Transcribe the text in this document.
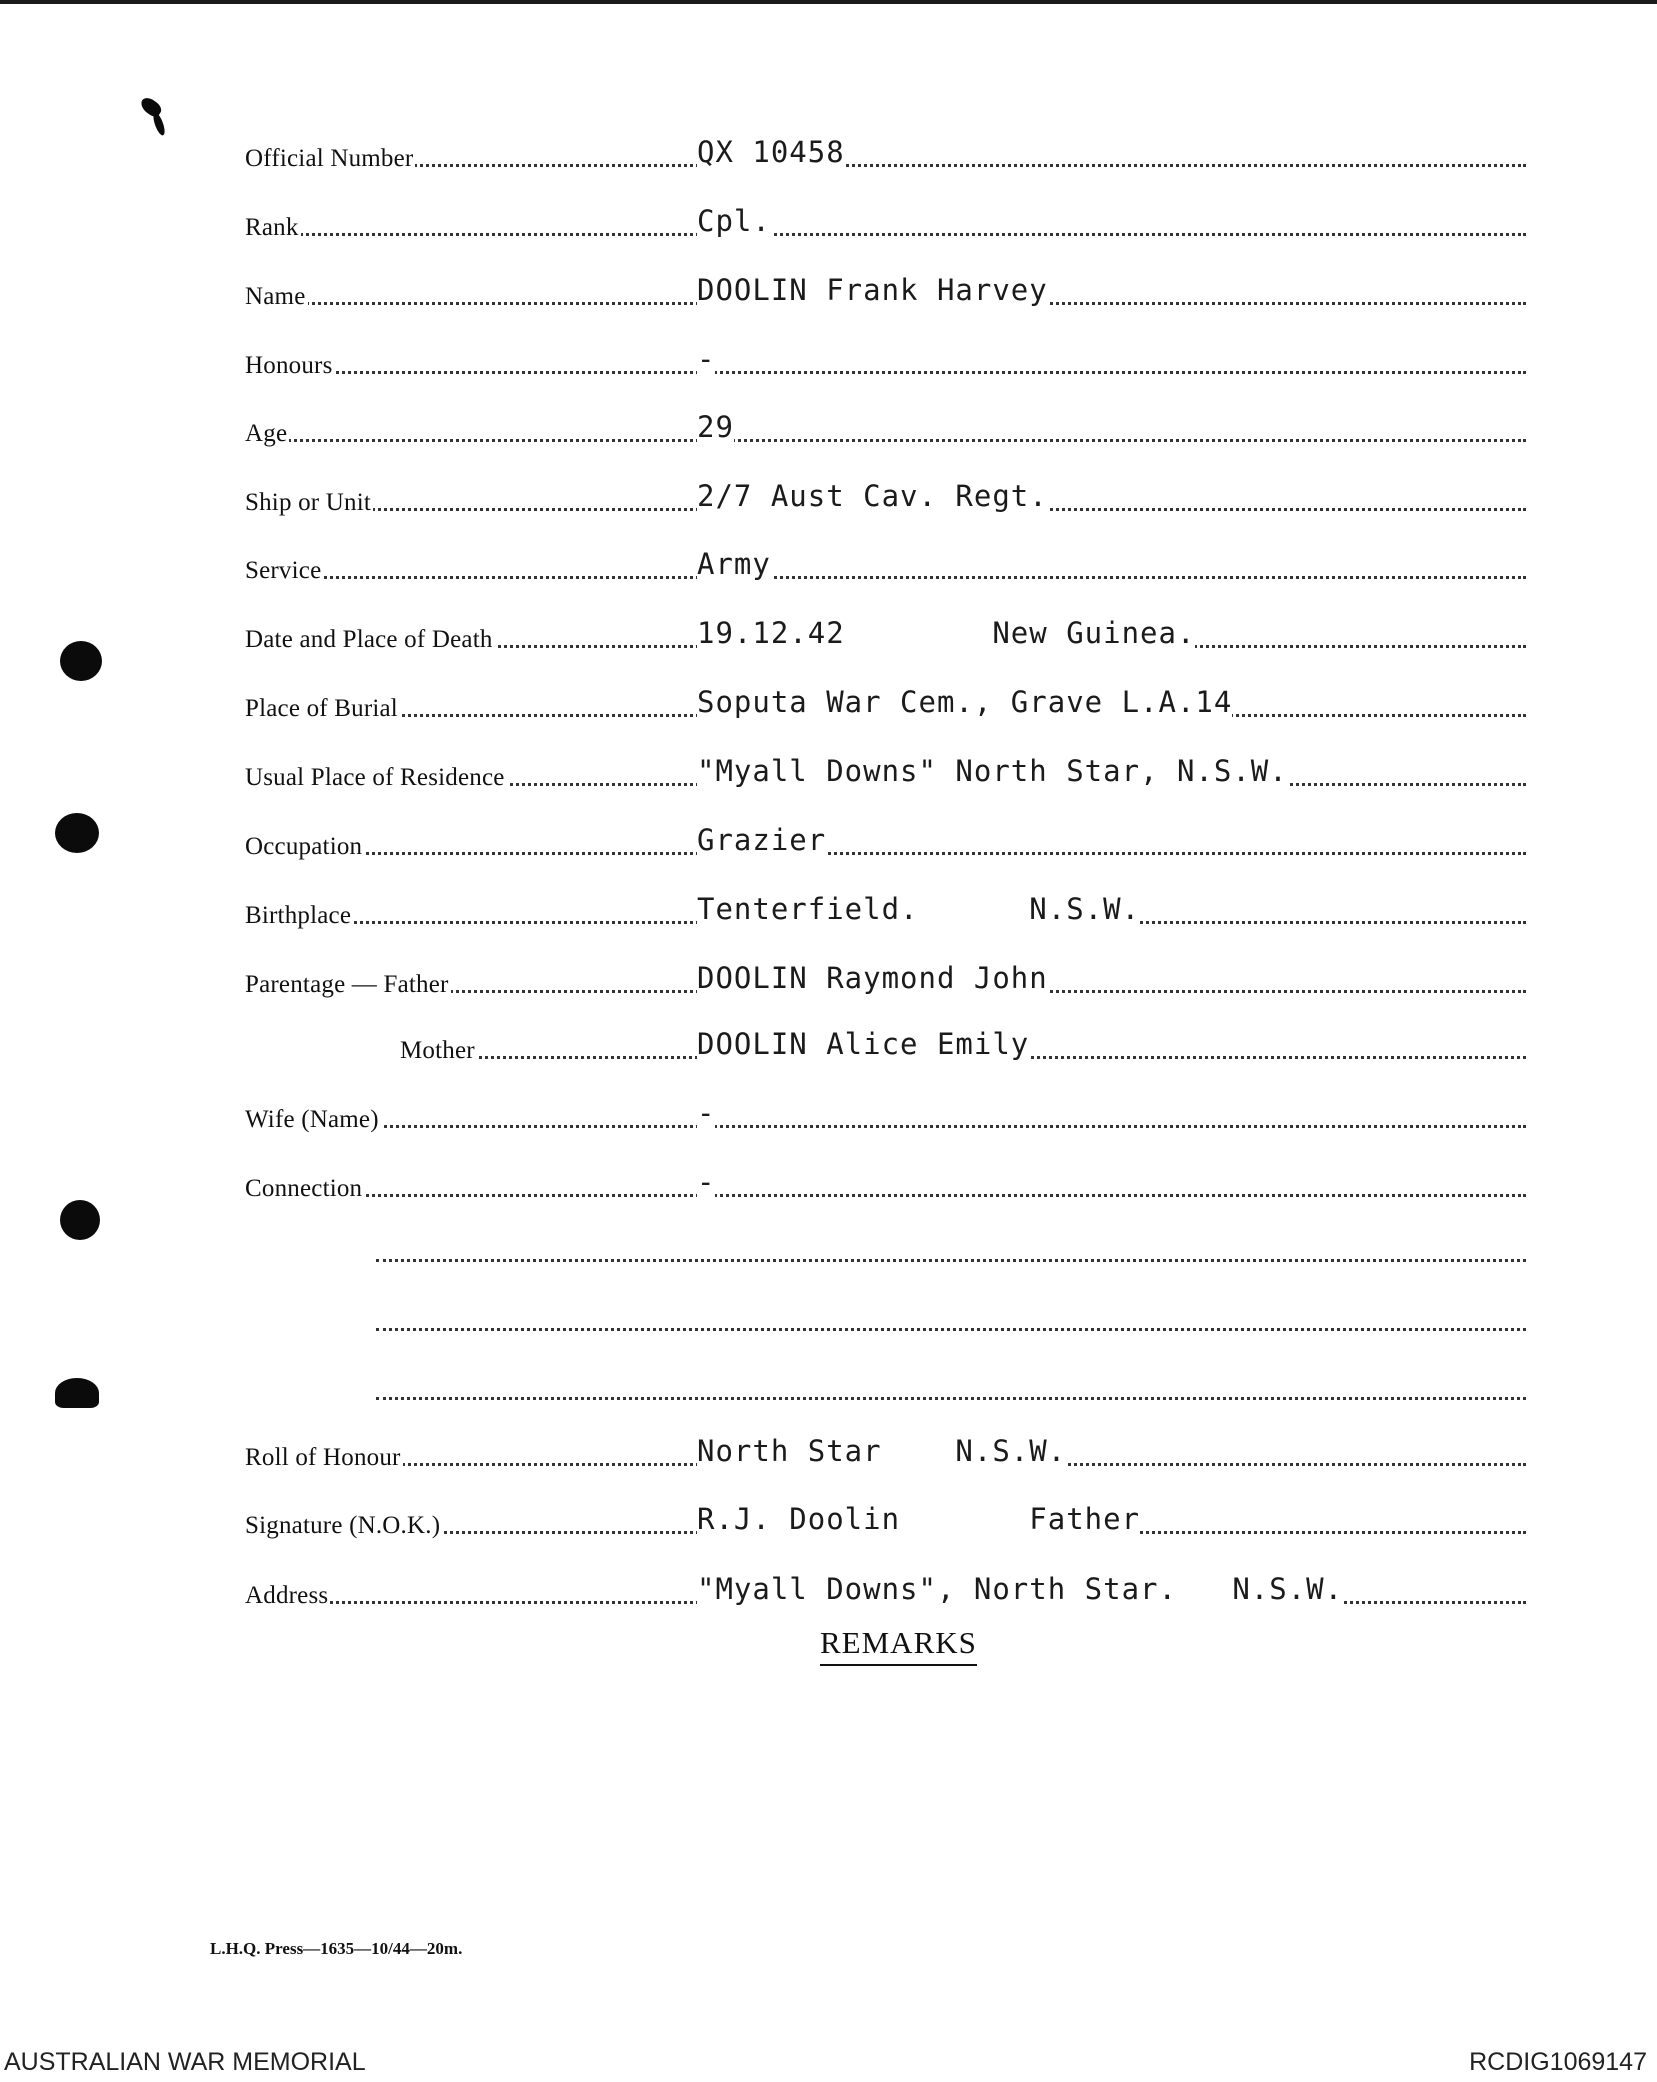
Official Number	QX 10458
Rank	Cpl.
Name	DOOLIN Frank Harvey
Honours	-
Age	29
Ship or Unit	2/7 Aust Cav. Regt.
Service	Army
Date and Place of Death	19.12.42        New Guinea.
Place of Burial	Soputa War Cem., Grave L.A.14
Usual Place of Residence	"Myall Downs" North Star, N.S.W.
Occupation	Grazier
Birthplace	Tenterfield.      N.S.W.
Parentage — Father	DOOLIN Raymond John
Mother	DOOLIN Alice Emily
Wife (Name)	-
Connection	-
Roll of Honour	North Star    N.S.W.
Signature (N.O.K.)	R.J. Doolin       Father
Address	"Myall Downs", North Star.   N.S.W.
REMARKS
L.H.Q. Press—1635—10/44—20m.
AUSTRALIAN WAR MEMORIAL	RCDIG1069147
